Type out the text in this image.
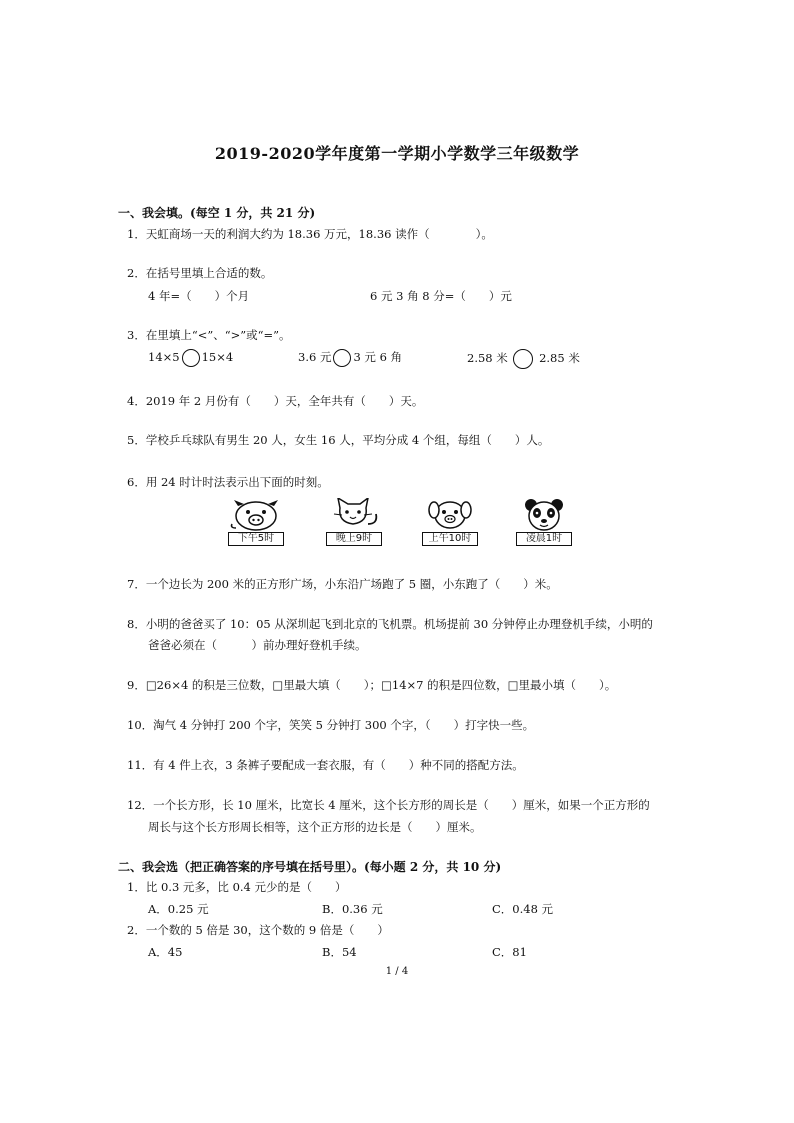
2019-2020学年度第一学期小学数学三年级数学
一、我会填。(每空 1 分，共 21 分)
1．天虹商场一天的利润大约为 18.36 万元，18.36 读作（　　　　）。
2．在括号里填上合适的数。
4 年=（　　）个月	6 元 3 角 8 分=（　　）元
3．在里填上“<”、“>”或“=”。
14×5 15×4	3.6 元 3 元 6 角	2.58 米	2.85 米
4．2019 年 2 月份有（　　）天，全年共有（　　）天。
5．学校乒乓球队有男生 20 人，女生 16 人，平均分成 4 个组，每组（　　）人。
6．用 24 时计时法表示出下面的时刻。
下午5时	晚上9时	上午10时	凌晨1时
7．一个边长为 200 米的正方形广场，小东沿广场跑了 5 圈，小东跑了（　　）米。
8．小明的爸爸买了 10：05 从深圳起飞到北京的飞机票。机场提前 30 分钟停止办理登机手续，小明的
爸爸必须在（　　　）前办理好登机手续。
9．□26×4 的积是三位数，□里最大填（　　）；□14×7 的积是四位数，□里最小填（　　）。
10．淘气 4 分钟打 200 个字，笑笑 5 分钟打 300 个字，（　　）打字快一些。
11．有 4 件上衣，3 条裤子要配成一套衣服，有（　　）种不同的搭配方法。
12．一个长方形，长 10 厘米，比宽长 4 厘米，这个长方形的周长是（　　）厘米，如果一个正方形的
周长与这个长方形周长相等，这个正方形的边长是（　　）厘米。
二、我会选（把正确答案的序号填在括号里）。(每小题 2 分，共 10 分)
1．比 0.3 元多，比 0.4 元少的是（　　）
A．0.25 元	B．0.36 元	C．0.48 元
2．一个数的 5 倍是 30，这个数的 9 倍是（　　）
A．45	B．54	C．81
1 / 4
